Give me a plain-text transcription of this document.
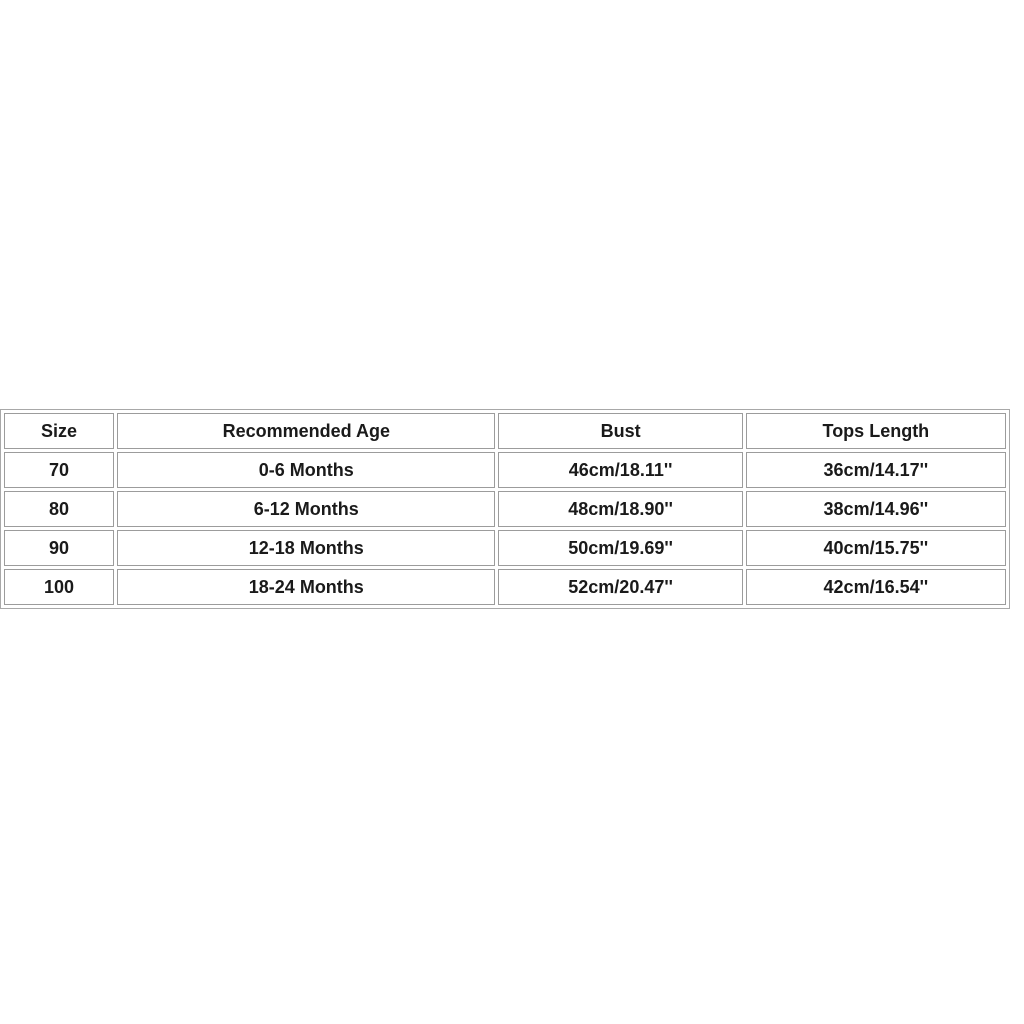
Size	Recommended Age	Bust	Tops Length
70	0-6 Months	46cm/18.11''	36cm/14.17''
80	6-12 Months	48cm/18.90''	38cm/14.96''
90	12-18 Months	50cm/19.69''	40cm/15.75''
100	18-24 Months	52cm/20.47''	42cm/16.54''
